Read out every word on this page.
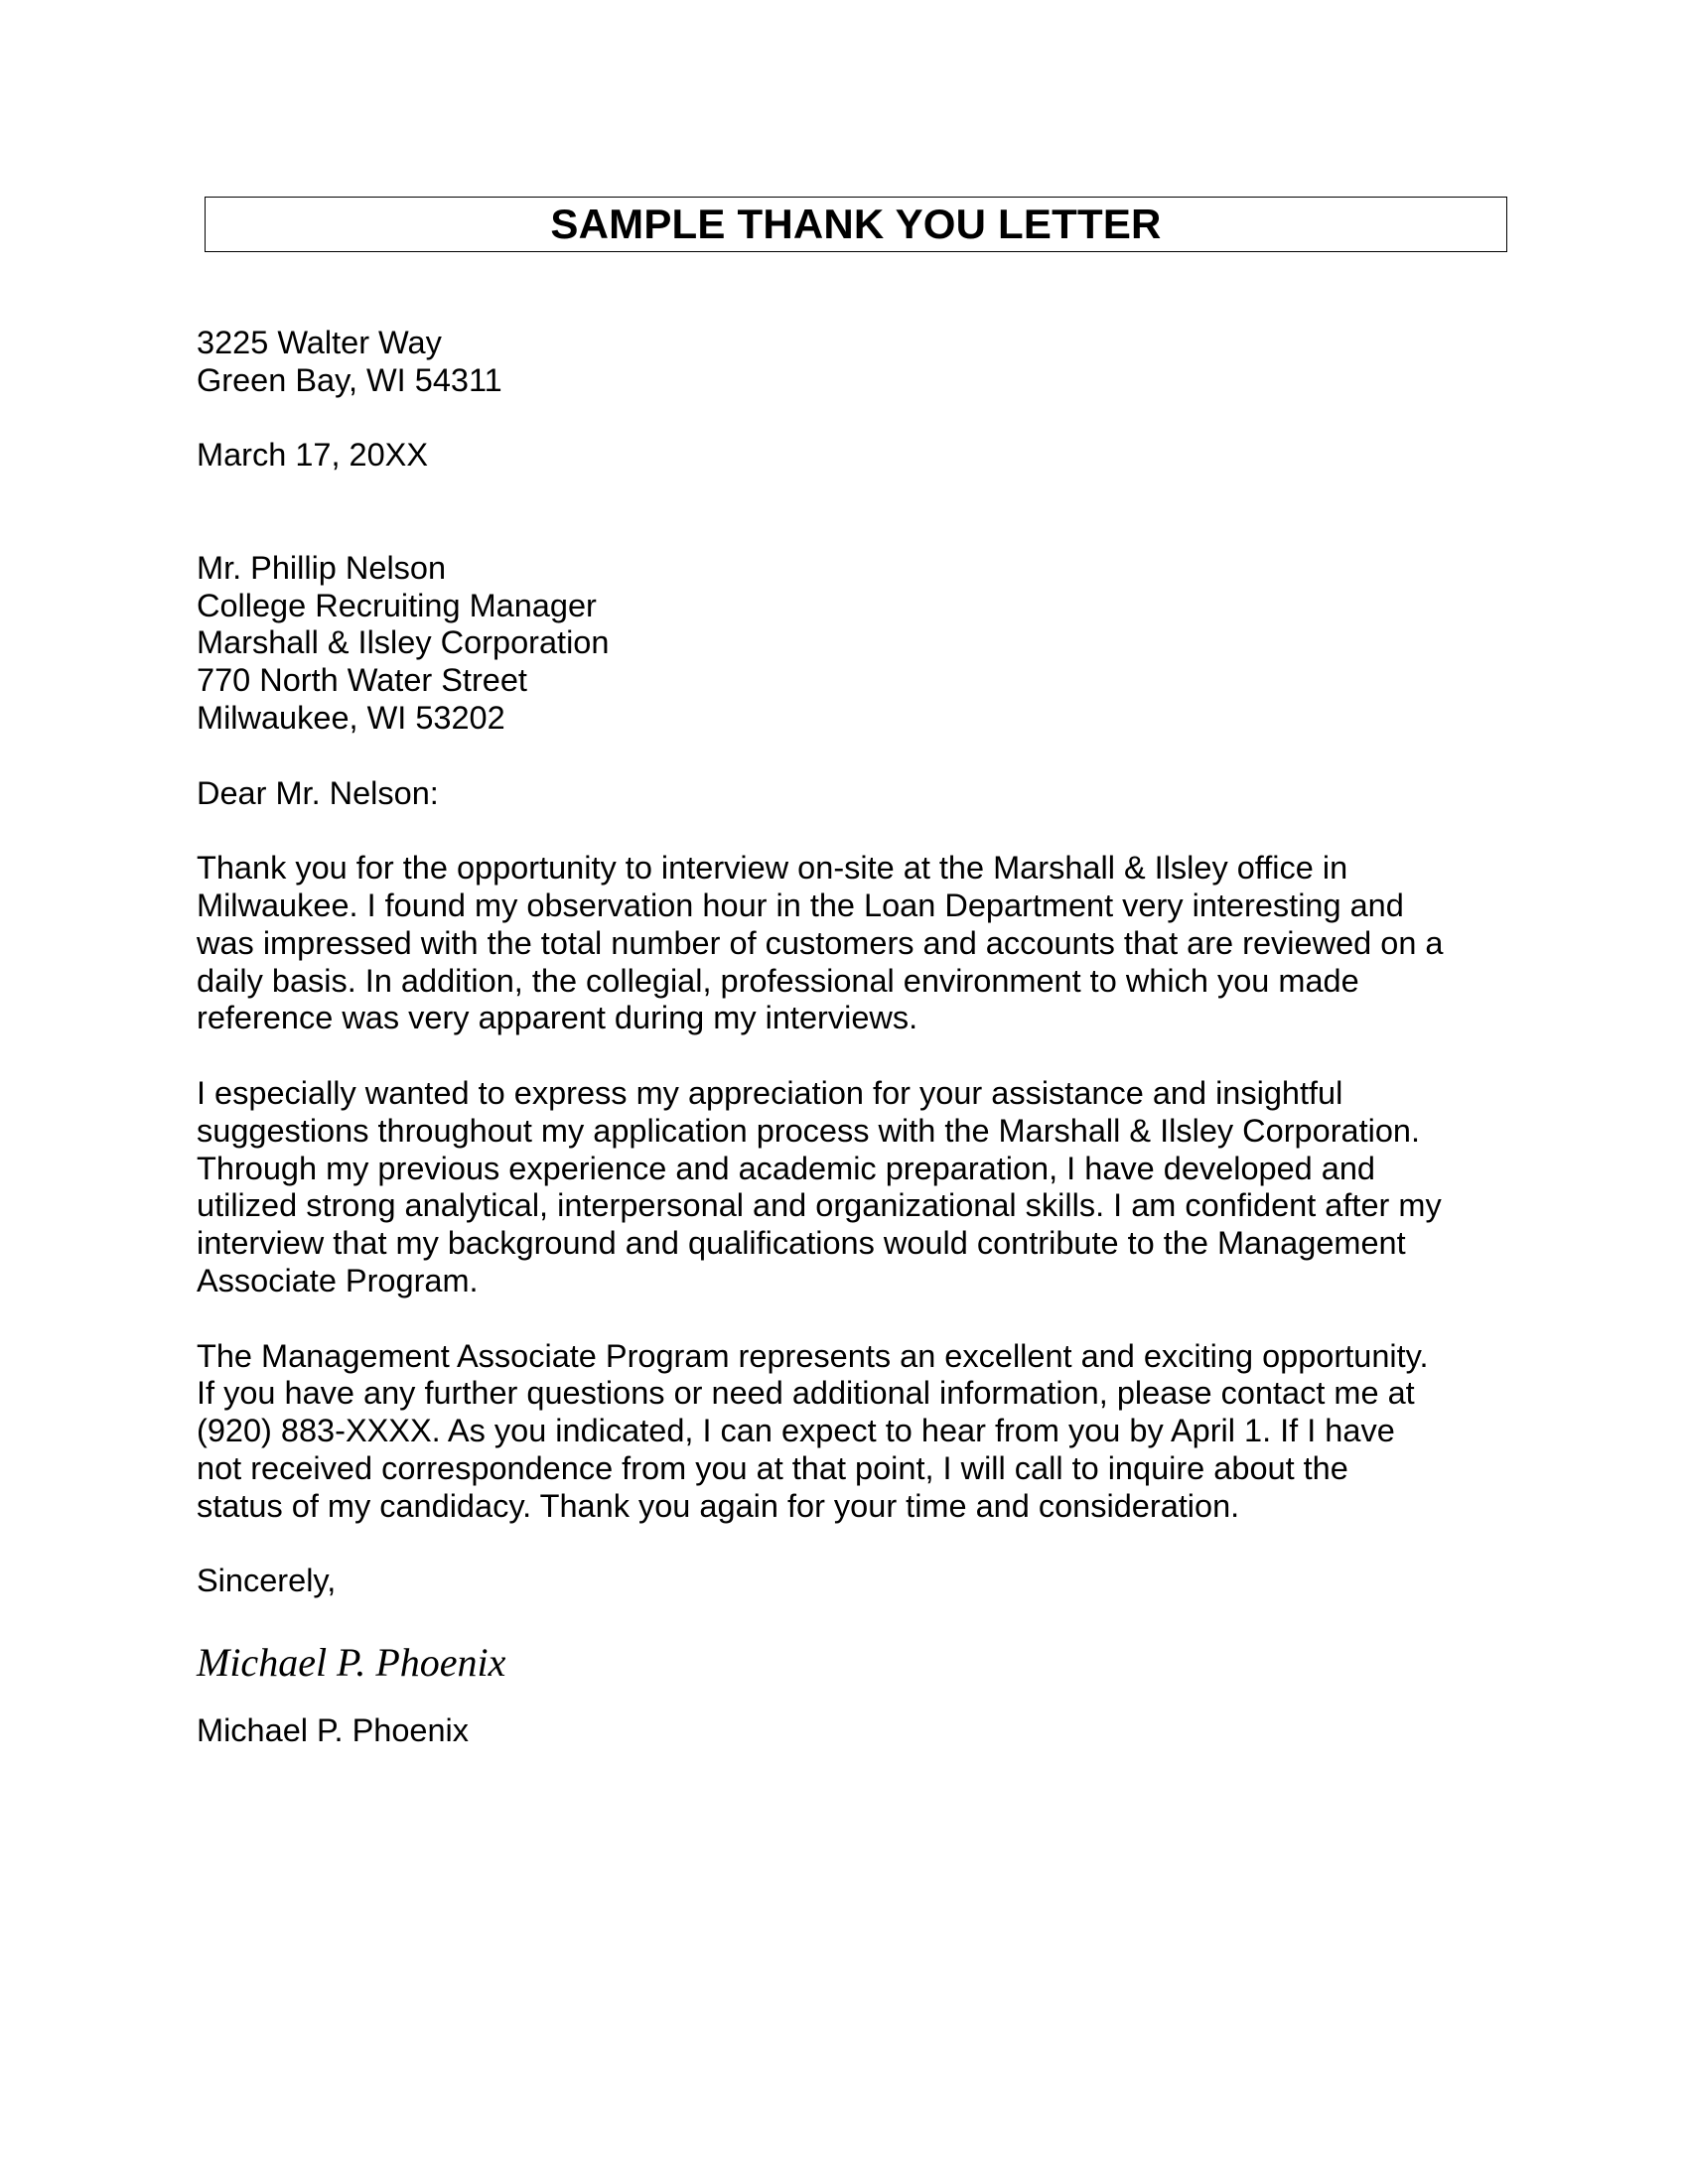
SAMPLE THANK YOU LETTER
3225 Walter Way
Green Bay, WI 54311
March 17, 20XX
Mr. Phillip Nelson
College Recruiting Manager
Marshall & Ilsley Corporation
770 North Water Street
Milwaukee, WI 53202
Dear Mr. Nelson:
Thank you for the opportunity to interview on-site at the Marshall & Ilsley office in
Milwaukee. I found my observation hour in the Loan Department very interesting and
was impressed with the total number of customers and accounts that are reviewed on a
daily basis. In addition, the collegial, professional environment to which you made
reference was very apparent during my interviews.
I especially wanted to express my appreciation for your assistance and insightful
suggestions throughout my application process with the Marshall & Ilsley Corporation.
Through my previous experience and academic preparation, I have developed and
utilized strong analytical, interpersonal and organizational skills. I am confident after my
interview that my background and qualifications would contribute to the Management
Associate Program.
The Management Associate Program represents an excellent and exciting opportunity.
If you have any further questions or need additional information, please contact me at
(920) 883-XXXX. As you indicated, I can expect to hear from you by April 1. If I have
not received correspondence from you at that point, I will call to inquire about the
status of my candidacy. Thank you again for your time and consideration.
Sincerely,
Michael P. Phoenix
Michael P. Phoenix
